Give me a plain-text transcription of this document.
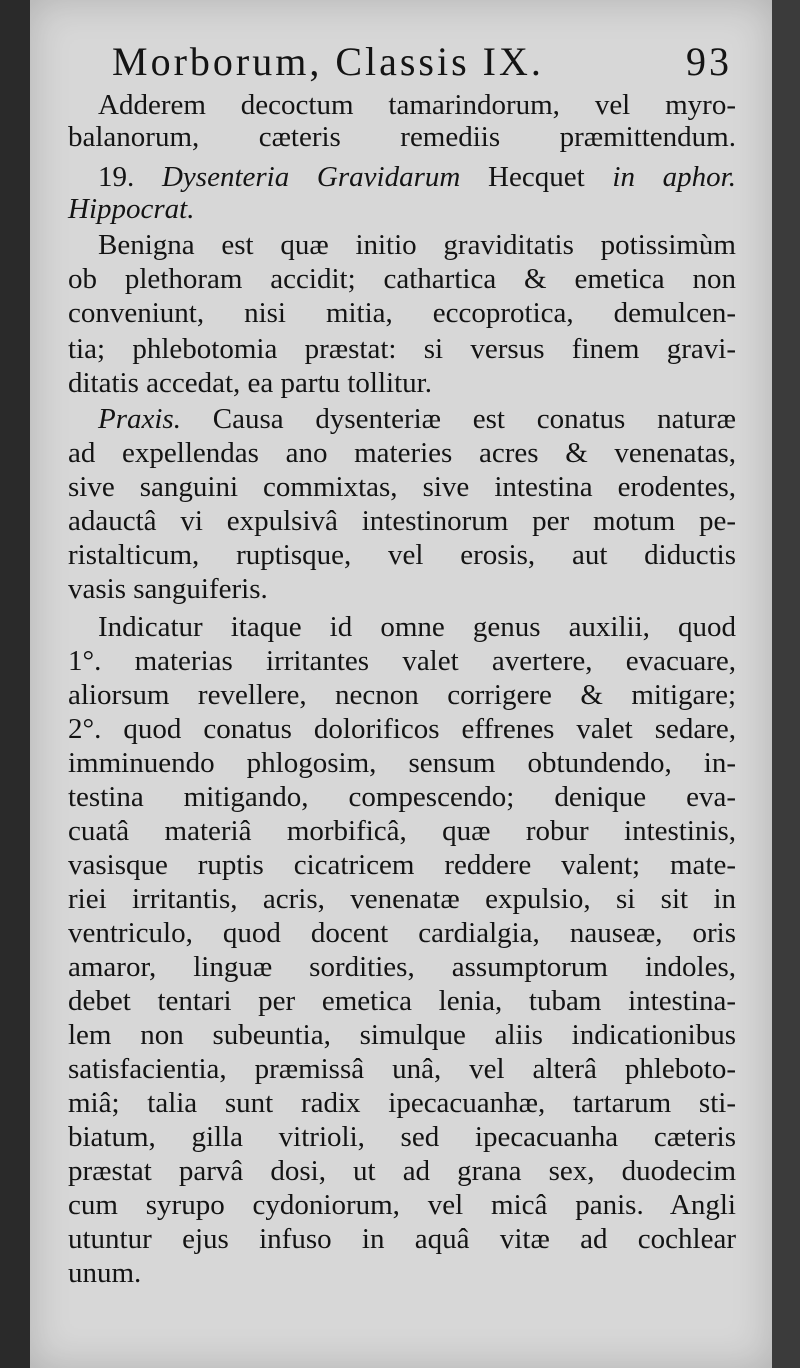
Morborum, Classis IX.	93
Adderem decoctum tamarindorum, vel myro-
balanorum, cæteris remediis præmittendum.
19. Dysenteria Gravidarum Hecquet in aphor.
Hippocrat.
Benigna est quæ initio graviditatis potissimùm
ob plethoram accidit; cathartica & emetica non
conveniunt, nisi mitia, eccoprotica, demulcen-
tia; phlebotomia præstat: si versus finem gravi-
ditatis accedat, ea partu tollitur.
Praxis. Causa dysenteriæ est conatus naturæ
ad expellendas ano materies acres & venenatas,
sive sanguini commixtas, sive intestina erodentes,
adauctâ vi expulsivâ intestinorum per motum pe-
ristalticum, ruptisque, vel erosis, aut diductis
vasis sanguiferis.
Indicatur itaque id omne genus auxilii, quod
1°. materias irritantes valet avertere, evacuare,
aliorsum revellere, necnon corrigere & mitigare;
2°. quod conatus dolorificos effrenes valet sedare,
imminuendo phlogosim, sensum obtundendo, in-
testina mitigando, compescendo; denique eva-
cuatâ materiâ morbificâ, quæ robur intestinis,
vasisque ruptis cicatricem reddere valent; mate-
riei irritantis, acris, venenatæ expulsio, si sit in
ventriculo, quod docent cardialgia, nauseæ, oris
amaror, linguæ sordities, assumptorum indoles,
debet tentari per emetica lenia, tubam intestina-
lem non subeuntia, simulque aliis indicationibus
satisfacientia, præmissâ unâ, vel alterâ phleboto-
miâ; talia sunt radix ipecacuanhæ, tartarum sti-
biatum, gilla vitrioli, sed ipecacuanha cæteris
præstat parvâ dosi, ut ad grana sex, duodecim
cum syrupo cydoniorum, vel micâ panis. Angli
utuntur ejus infuso in aquâ vitæ ad cochlear
unum.
